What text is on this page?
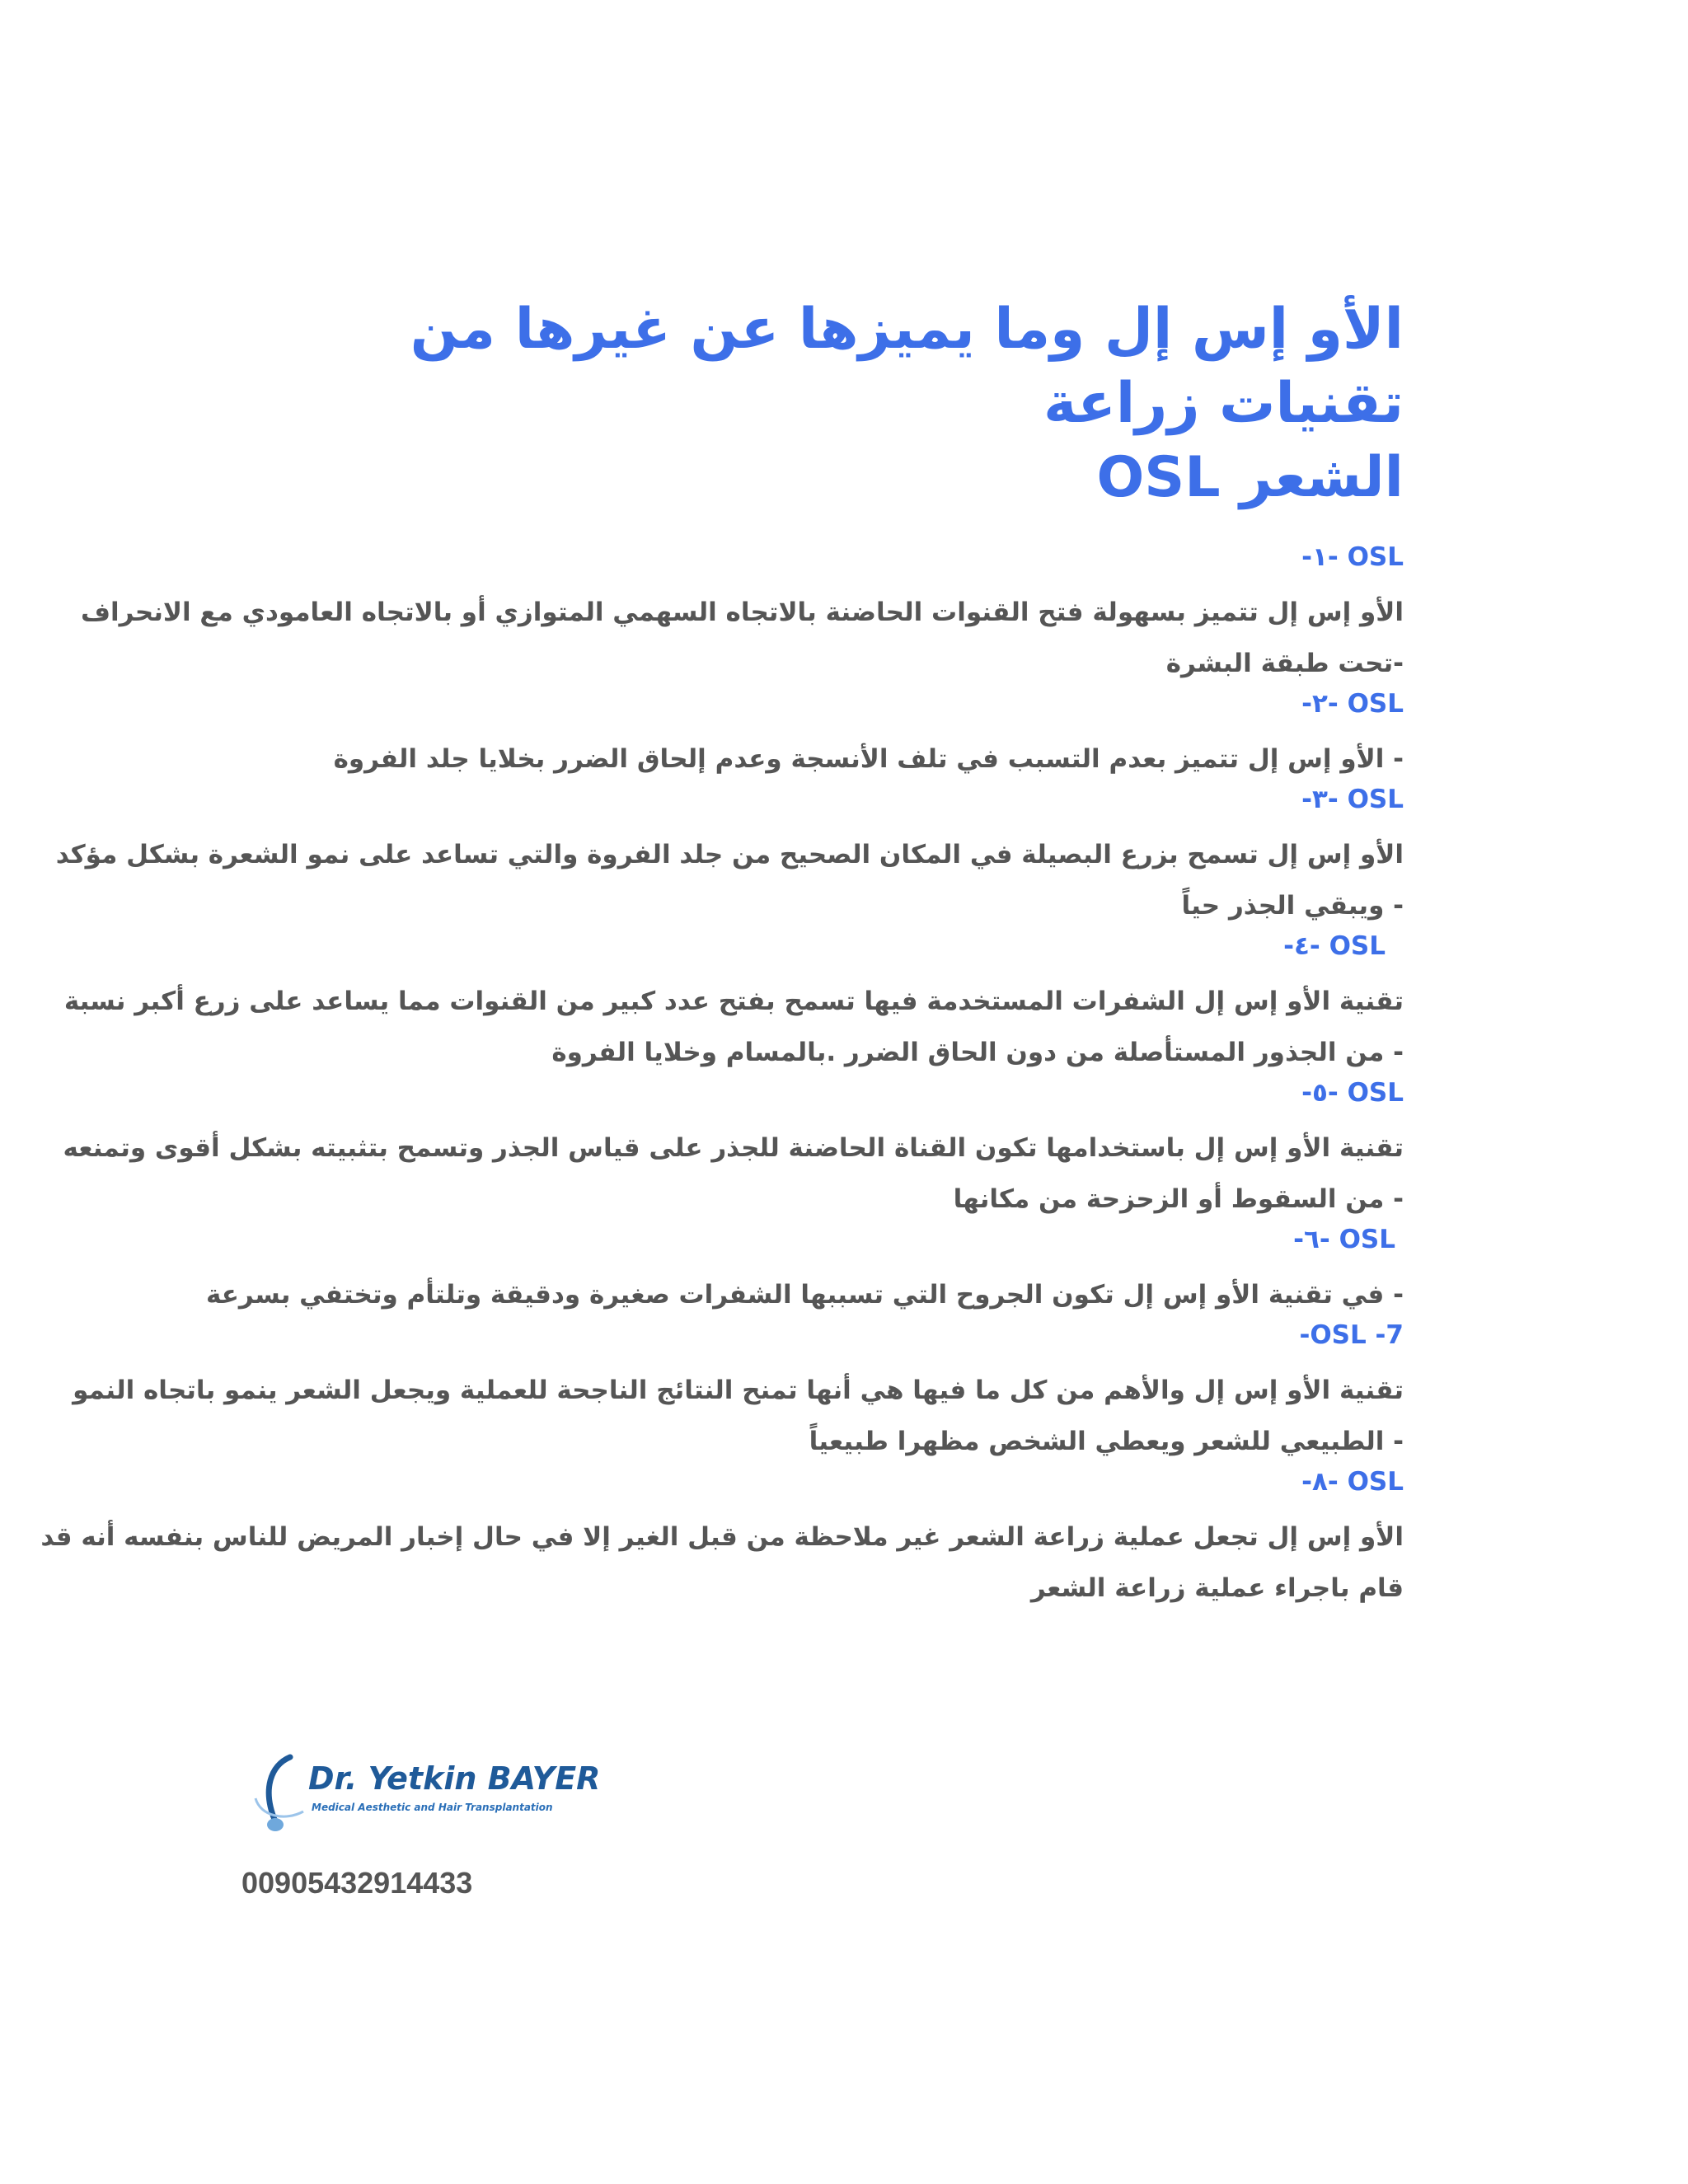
الأو إس إل وما يميزها عن غيرها من تقنيات زراعة
الشعر OSL
OSL -١-
الأو إس إل تتميز بسهولة فتح القنوات الحاضنة بالاتجاه السهمي المتوازي أو بالاتجاه العامودي مع الانحراف
-تحت طبقة البشرة
OSL -٢-
- الأو إس إل تتميز بعدم التسبب في تلف الأنسجة وعدم إلحاق الضرر بخلايا جلد الفروة
OSL -٣-
الأو إس إل تسمح بزرع البصيلة في المكان الصحيح من جلد الفروة والتي تساعد على نمو الشعرة بشكل مؤكد
- ويبقي الجذر حياً
OSL -٤-
تقنية الأو إس إل الشفرات المستخدمة فيها تسمح بفتح عدد كبير من القنوات مما يساعد على زرع أكبر نسبة
- من الجذور المستأصلة من دون الحاق الضرر .بالمسام وخلايا الفروة
OSL -٥-
تقنية الأو إس إل باستخدامها تكون القناة الحاضنة للجذر على قياس الجذر وتسمح بتثبيته بشكل أقوى وتمنعه
- من السقوط أو الزحزحة من مكانها
OSL -٦-
- في تقنية الأو إس إل تكون الجروح التي تسببها الشفرات صغيرة ودقيقة وتلتأم وتختفي بسرعة
OSL -7-
تقنية الأو إس إل والأهم من كل ما فيها هي أنها تمنح النتائج الناجحة للعملية ويجعل الشعر ينمو باتجاه النمو
- الطبيعي للشعر ويعطي الشخص مظهرا طبيعياً
OSL -٨-
الأو إس إل تجعل عملية زراعة الشعر غير ملاحظة من قبل الغير إلا في حال إخبار المريض للناس بنفسه أنه قد
قام باجراء عملية زراعة الشعر
Dr. Yetkin BAYER
Medical Aesthetic and Hair Transplantation
00905432914433
